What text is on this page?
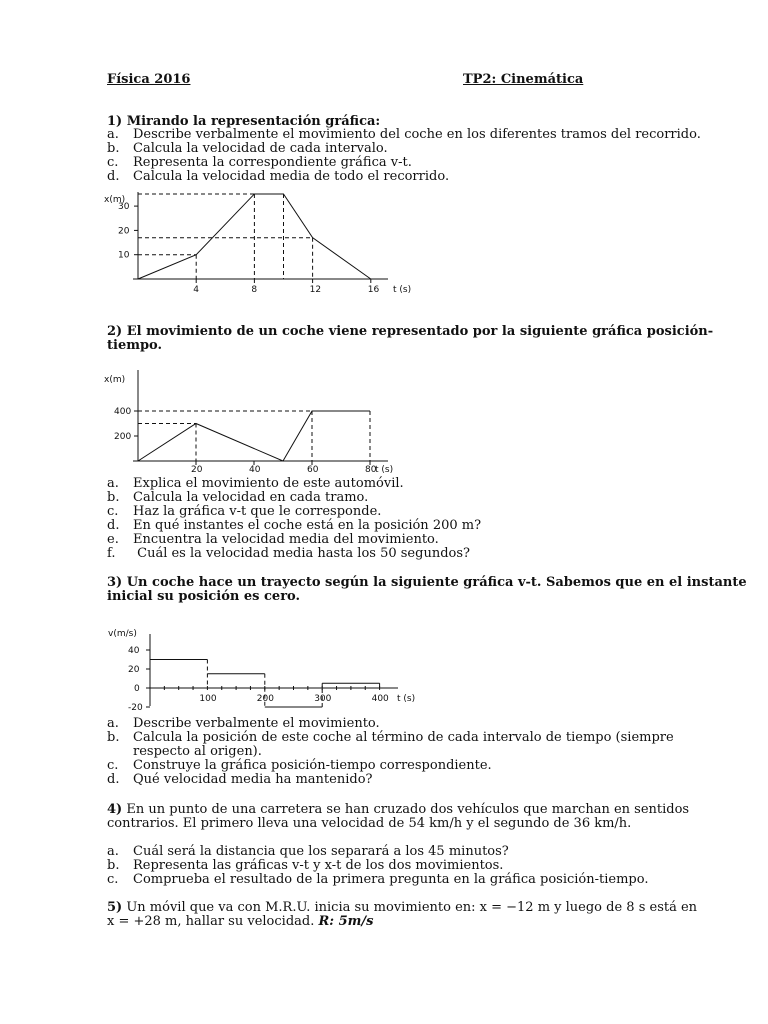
Física 2016	TP2: Cinemática
1) Mirando la representación gráfica:
a. Describe verbalmente el movimiento del coche en los diferentes tramos del recorrido.
b. Calcula la velocidad de cada intervalo.
c. Representa la correspondiente gráfica v-t.
d. Calcula la velocidad media de todo el recorrido.
x(m)
t (s)
10
20
30
4	8	12	16
2) El movimiento de un coche viene representado por la siguiente gráfica posición-
tiempo.
x(m)
t (s)
200
400
20	40	60	80
a. Explica el movimiento de este automóvil.
b. Calcula la velocidad en cada tramo.
c. Haz la gráfica v-t que le corresponde.
d. En qué instantes el coche está en la posición 200 m?
e. Encuentra la velocidad media del movimiento.
f. Cuál es la velocidad media hasta los 50 segundos?
3) Un coche hace un trayecto según la siguiente gráfica v-t. Sabemos que en el instante
inicial su posición es cero.
v(m/s)
t (s)
40
20
0
-20
100	200	300	400
a. Describe verbalmente el movimiento.
b. Calcula la posición de este coche al término de cada intervalo de tiempo (siempre
respecto al origen).
c. Construye la gráfica posición-tiempo correspondiente.
d. Qué velocidad media ha mantenido?
4) En un punto de una carretera se han cruzado dos vehículos que marchan en sentidos
contrarios. El primero lleva una velocidad de 54 km/h y el segundo de 36 km/h.
a. Cuál será la distancia que los separará a los 45 minutos?
b. Representa las gráficas v-t y x-t de los dos movimientos.
c. Comprueba el resultado de la primera pregunta en la gráfica posición-tiempo.
5) Un móvil que va con M.R.U. inicia su movimiento en: x = −12 m y luego de 8 s está en
x = +28 m, hallar su velocidad. R: 5m/s
